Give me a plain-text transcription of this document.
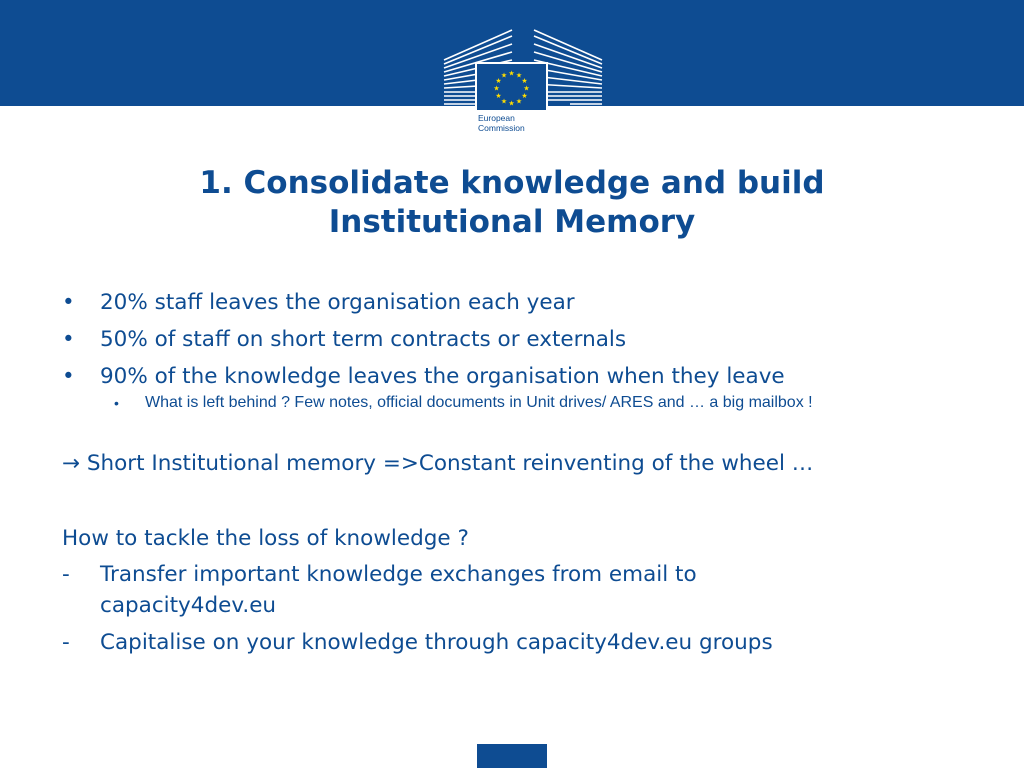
★ ★
★
★
★
★
★
★
★
★
★
★
European
Commission
1. Consolidate knowledge and build
Institutional Memory
• 20% staff leaves the organisation each year
• 50% of staff on short term contracts or externals
• 90% of the knowledge leaves the organisation when they leave
• What is left behind ? Few notes, official documents in Unit drives/ ARES and … a big mailbox !
→ Short Institutional memory =>Constant reinventing of the wheel …
How to tackle the loss of knowledge ?
- Transfer important knowledge exchanges from email to
capacity4dev.eu
- Capitalise on your knowledge through capacity4dev.eu groups
